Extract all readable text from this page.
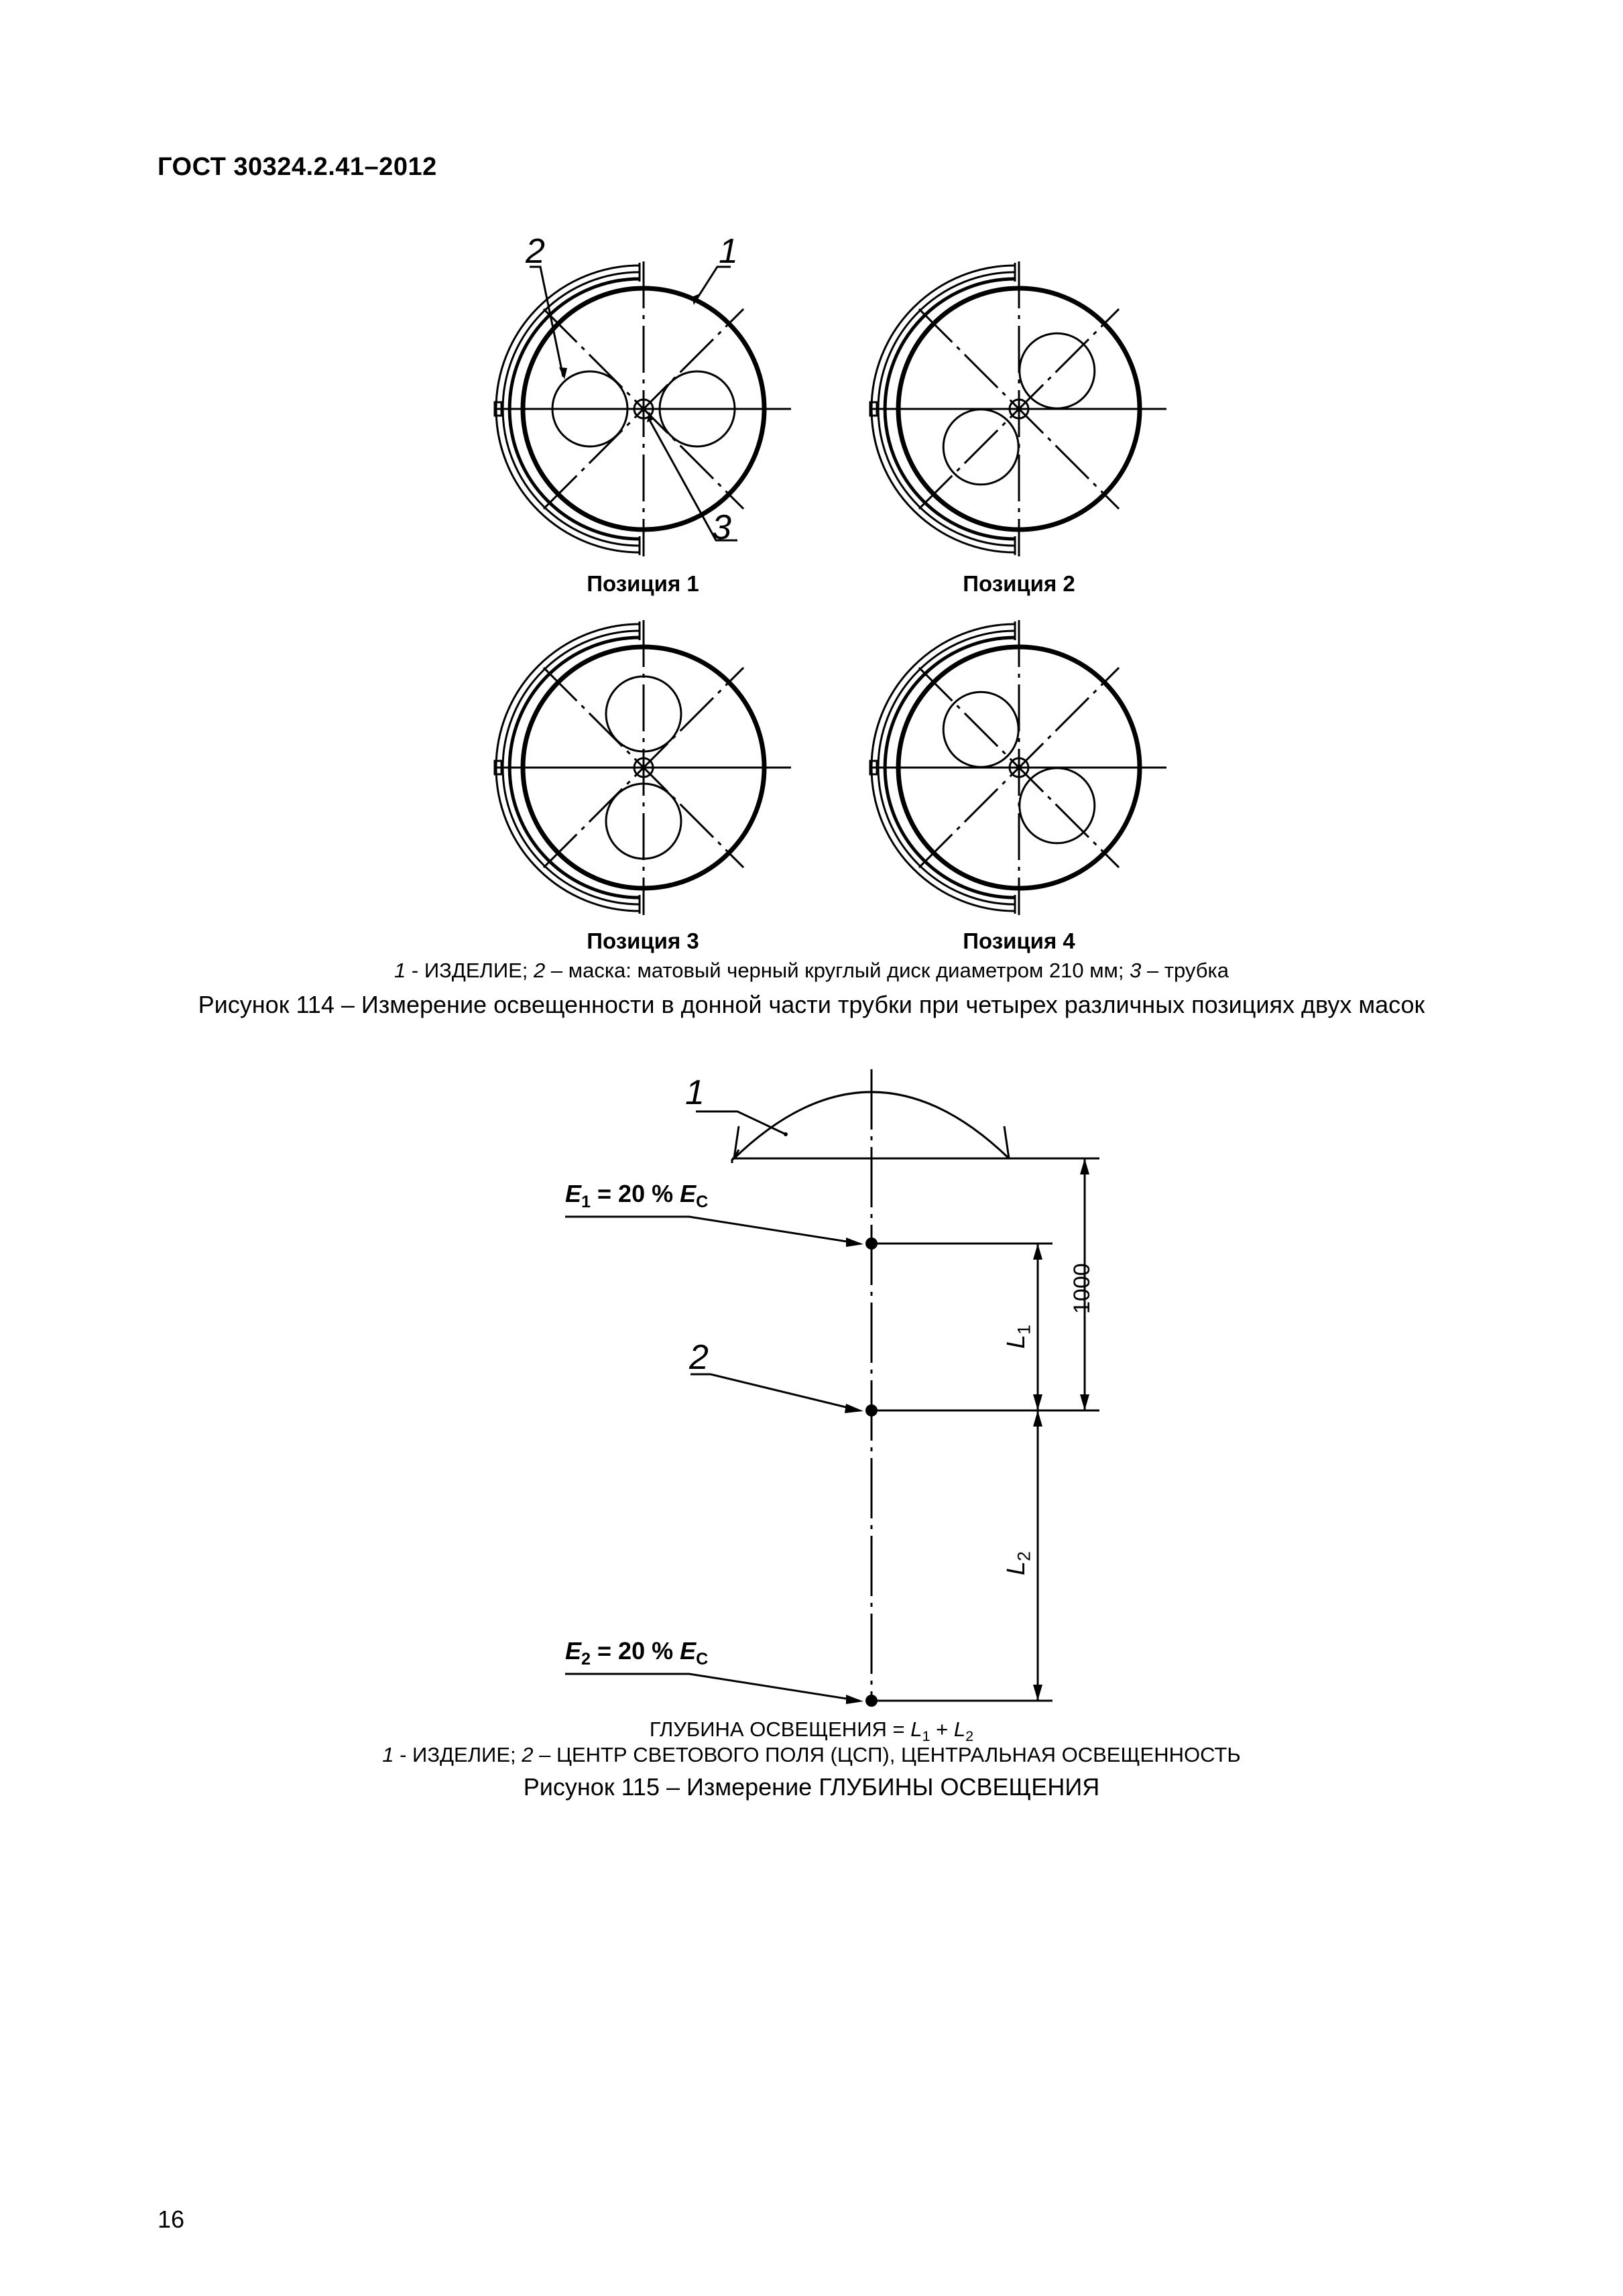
ГОСТ 30324.2.41–2012
2	1
3
Позиция 1	Позиция 2
Позиция 3	Позиция 4
1 - ИЗДЕЛИЕ; 2 – маска: матовый черный круглый диск диаметром 210 мм; 3 – трубка
Рисунок 114 – Измерение освещенности в донной части трубки при четырех различных позициях двух масок
1
2
$E_1 = 20$ % $E_C$
$E_2 = 20$ % $E_C$
1000
$L_1$
$L_2$
ГЛУБИНА ОСВЕЩЕНИЯ = $L_1 + L_2$
1 - ИЗДЕЛИЕ; 2 – ЦЕНТР СВЕТОВОГО ПОЛЯ (ЦСП), ЦЕНТРАЛЬНАЯ ОСВЕЩЕННОСТЬ
Рисунок 115 – Измерение ГЛУБИНЫ ОСВЕЩЕНИЯ
16
